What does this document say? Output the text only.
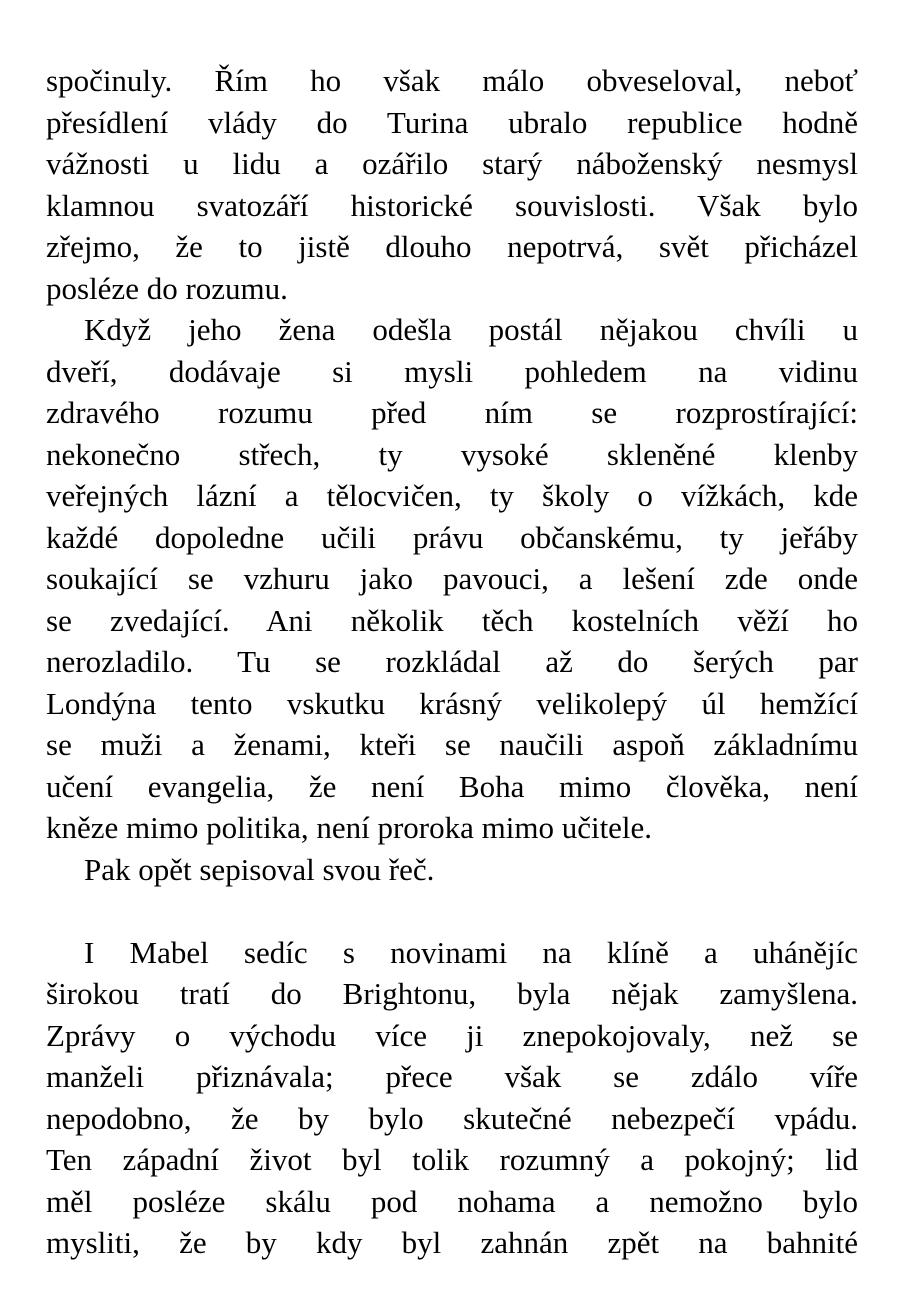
spočinuly. Řím ho však málo obveseloval, neboť
přesídlení vlády do Turina ubralo republice hodně
vážnosti u lidu a ozářilo starý náboženský nesmysl
klamnou svatozáří historické souvislosti. Však bylo
zřejmo, že to jistě dlouho nepotrvá, svět přicházel
posléze do rozumu.
Když jeho žena odešla postál nějakou chvíli u
dveří, dodávaje si mysli pohledem na vidinu
zdravého rozumu před ním se rozprostírající:
nekonečno střech, ty vysoké skleněné klenby
veřejných lázní a tělocvičen, ty školy o vížkách, kde
každé dopoledne učili právu občanskému, ty jeřáby
soukající se vzhuru jako pavouci, a lešení zde onde
se zvedající. Ani několik těch kostelních věží ho
nerozladilo. Tu se rozkládal až do šerých par
Londýna tento vskutku krásný velikolepý úl hemžící
se muži a ženami, kteři se naučili aspoň základnímu
učení evangelia, že není Boha mimo člověka, není
kněze mimo politika, není proroka mimo učitele.
Pak opět sepisoval svou řeč.
I Mabel sedíc s novinami na klíně a uhánějíc
širokou tratí do Brightonu, byla nějak zamyšlena.
Zprávy o východu více ji znepokojovaly, než se
manželi přiznávala; přece však se zdálo víře
nepodobno, že by bylo skutečné nebezpečí vpádu.
Ten západní život byl tolik rozumný a pokojný; lid
měl posléze skálu pod nohama a nemožno bylo
mysliti, že by kdy byl zahnán zpět na bahnité
